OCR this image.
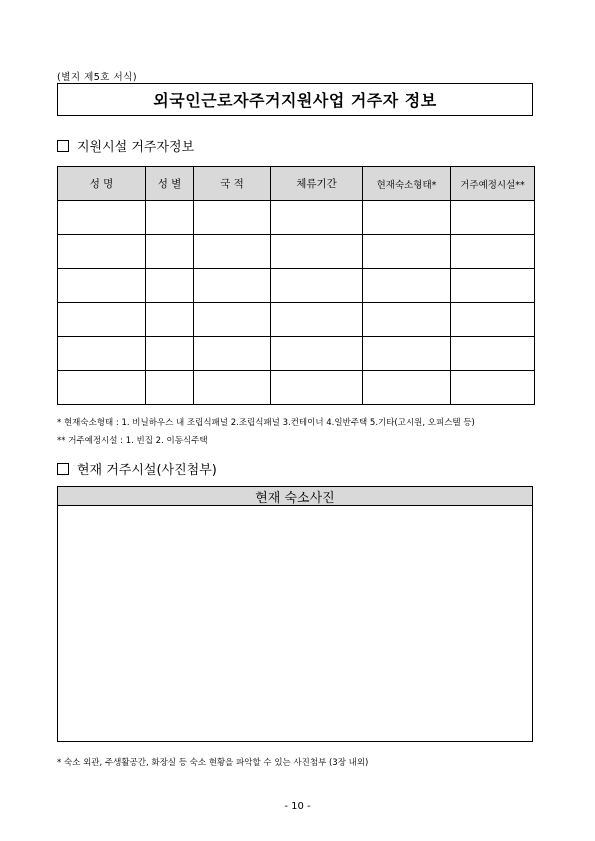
(별지 제5호 서식)
외국인근로자주거지원사업 거주자 정보
지원시설 거주자정보
성 명	성 별	국 적	체류기간	현재숙소형태*	거주예정시설**

* 현재숙소형태 : 1. 비닐하우스 내 조립식패널 2.조립식패널 3.컨테이너 4.일반주택 5.기타(고시원, 오피스텔 등)
** 거주예정시설 : 1. 빈집 2. 이동식주택
현재 거주시설(사진첨부)
현재 숙소사진
* 숙소 외관, 주생활공간, 화장실 등 숙소 현황을 파악할 수 있는 사진첨부 (3장 내외)
- 10 -
